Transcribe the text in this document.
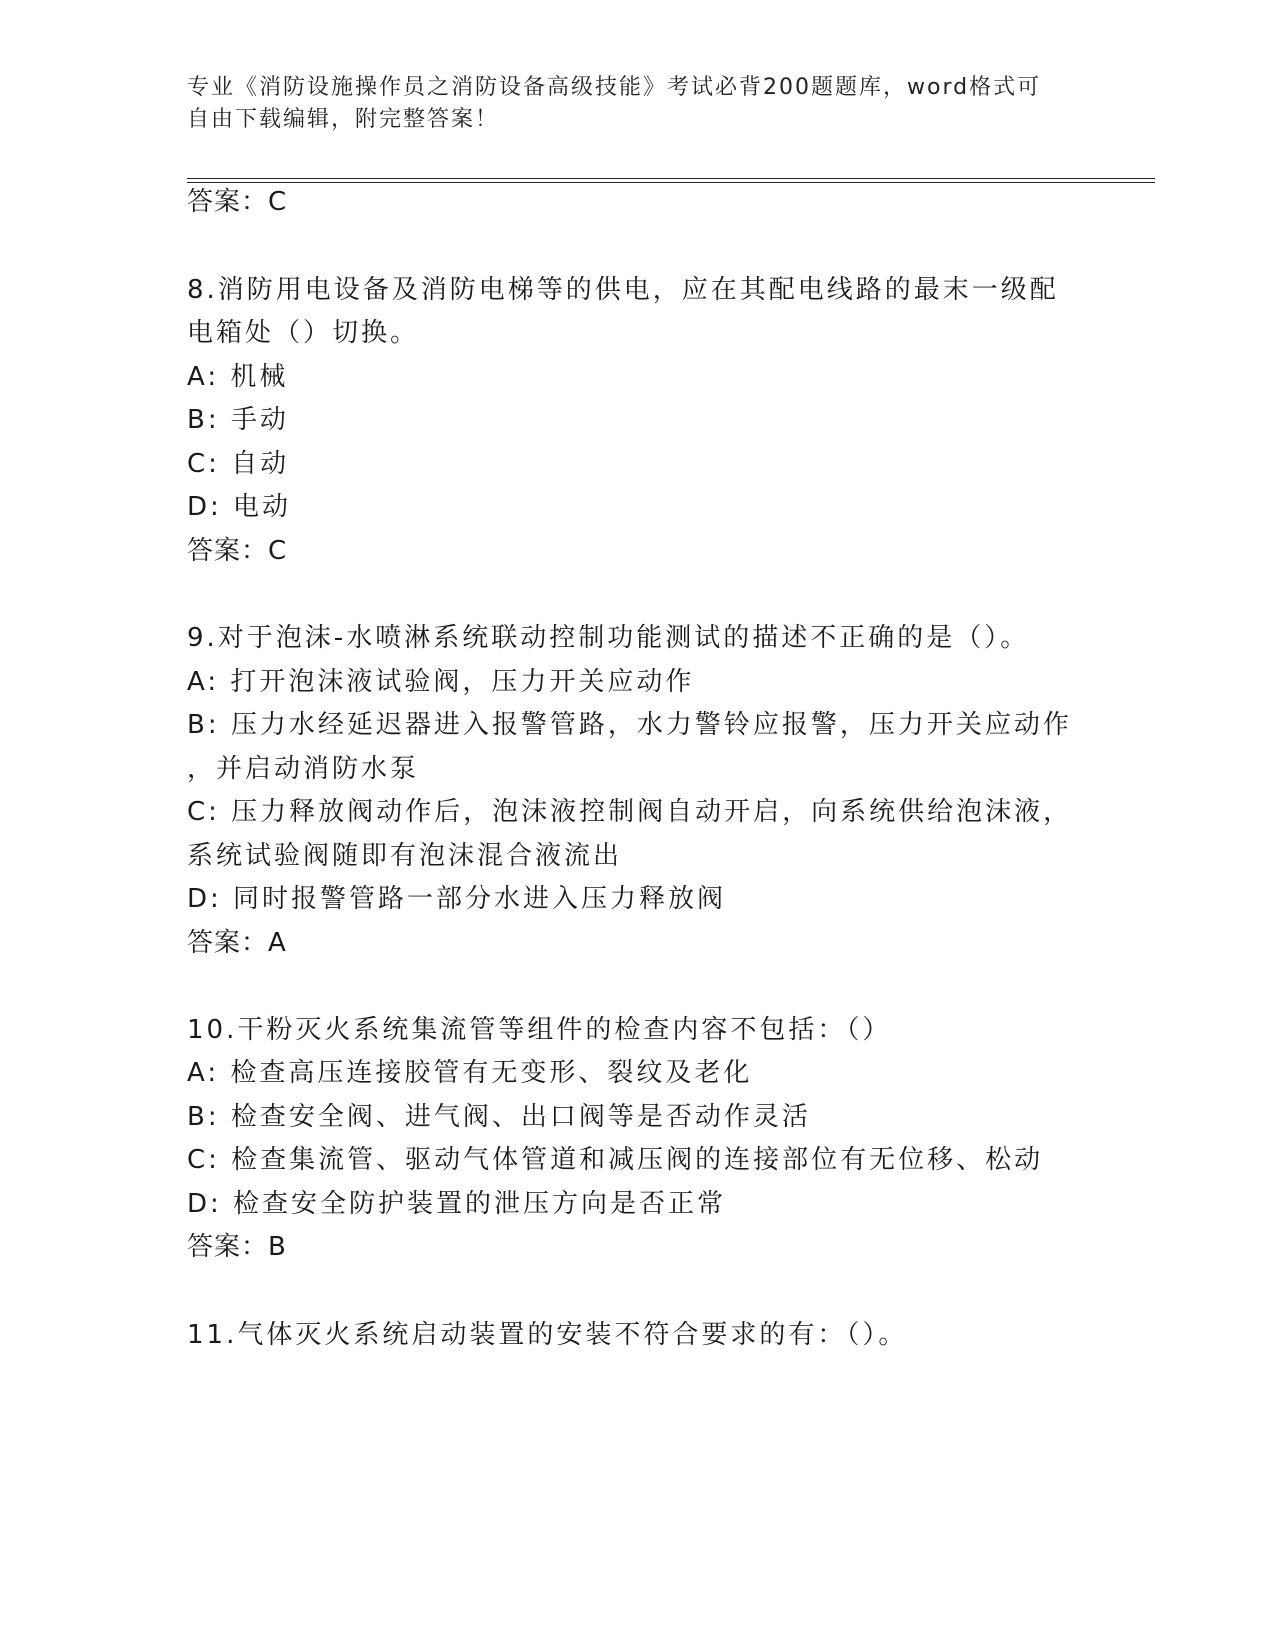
专业《消防设施操作员之消防设备高级技能》考试必背200题题库，word格式可
自由下载编辑，附完整答案！
答案：C
8.消防用电设备及消防电梯等的供电，应在其配电线路的最末一级配
电箱处（）切换。
A: 机械
B: 手动
C: 自动
D: 电动
答案：C
9.对于泡沫-水喷淋系统联动控制功能测试的描述不正确的是（）。
A: 打开泡沫液试验阀，压力开关应动作
B: 压力水经延迟器进入报警管路，水力警铃应报警，压力开关应动作
，并启动消防水泵
C: 压力释放阀动作后，泡沫液控制阀自动开启，向系统供给泡沫液，
系统试验阀随即有泡沫混合液流出
D: 同时报警管路一部分水进入压力释放阀
答案：A
10.干粉灭火系统集流管等组件的检查内容不包括：（）
A: 检查高压连接胶管有无变形、裂纹及老化
B: 检查安全阀、进气阀、出口阀等是否动作灵活
C: 检查集流管、驱动气体管道和减压阀的连接部位有无位移、松动
D: 检查安全防护装置的泄压方向是否正常
答案：B
11.气体灭火系统启动装置的安装不符合要求的有：（）。
